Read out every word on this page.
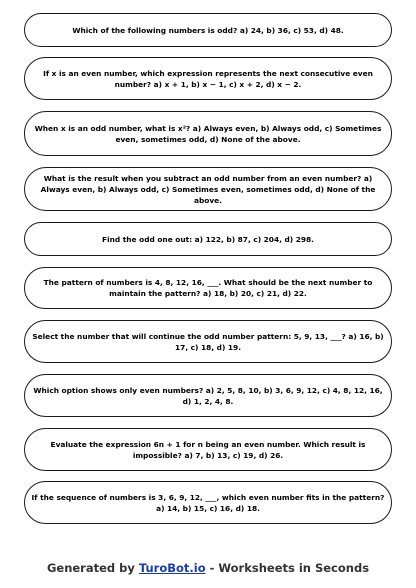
Which of the following numbers is odd? a) 24, b) 36, c) 53, d) 48.
If x is an even number, which expression represents the next consecutive even number? a) x + 1, b) x − 1, c) x + 2, d) x − 2.
When x is an odd number, what is x²? a) Always even, b) Always odd, c) Sometimes even, sometimes odd, d) None of the above.
What is the result when you subtract an odd number from an even number? a) Always even, b) Always odd, c) Sometimes even, sometimes odd, d) None of the above.
Find the odd one out: a) 122, b) 87, c) 204, d) 298.
The pattern of numbers is 4, 8, 12, 16, ___. What should be the next number to maintain the pattern? a) 18, b) 20, c) 21, d) 22.
Select the number that will continue the odd number pattern: 5, 9, 13, ___? a) 16, b) 17, c) 18, d) 19.
Which option shows only even numbers? a) 2, 5, 8, 10, b) 3, 6, 9, 12, c) 4, 8, 12, 16, d) 1, 2, 4, 8.
Evaluate the expression 6n + 1 for n being an even number. Which result is impossible? a) 7, b) 13, c) 19, d) 26.
If the sequence of numbers is 3, 6, 9, 12, ___, which even number fits in the pattern? a) 14, b) 15, c) 16, d) 18.
Generated by TuroBot.io - Worksheets in Seconds
